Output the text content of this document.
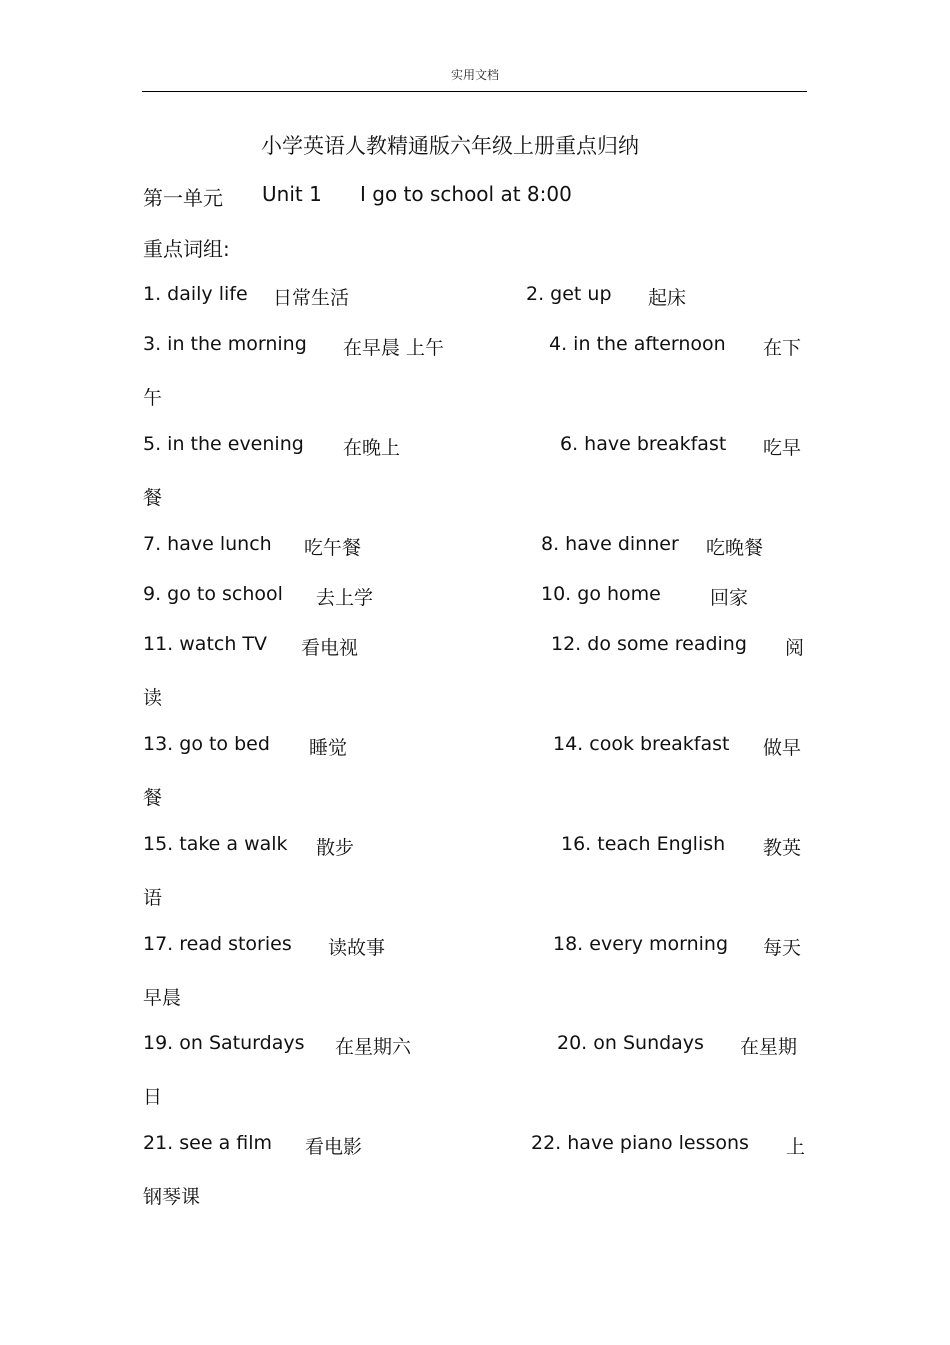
实用文档
小学英语人教精通版六年级上册重点归纳
第一单元 Unit 1 I go to school at 8:00
重点词组:
1. daily life 日常生活	2. get up 起床
3. in the morning 在早晨 上午	4. in the afternoon 在下
午
5. in the evening 在晚上	6. have breakfast 吃早
餐
7. have lunch 吃午餐	8. have dinner 吃晚餐
9. go to school 去上学	10. go home	回家
11. watch TV 看电视	12. do some reading 阅
读
13. go to bed 睡觉	14. cook breakfast 做早
餐
15. take a walk 散步	16. teach English 教英
语
17. read stories 读故事	18. every morning 每天
早晨
19. on Saturdays 在星期六	20. on Sundays 在星期
日
21. see a film 看电影	22. have piano lessons 上
钢琴课
